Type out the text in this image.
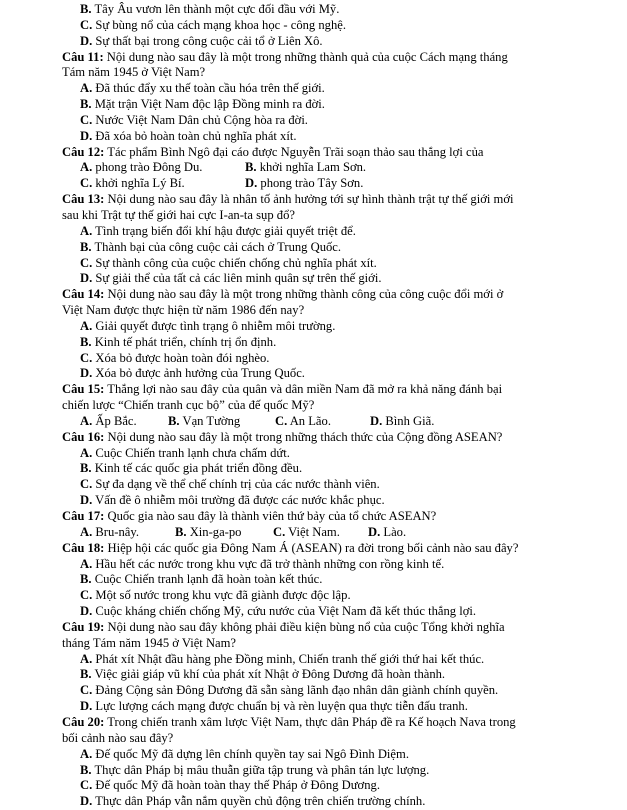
B. Tây Âu vươn lên thành một cực đối đầu với Mỹ.
C. Sự bùng nổ của cách mạng khoa học - công nghệ.
D. Sự thất bại trong công cuộc cải tổ ở Liên Xô.
Câu 11: Nội dung nào sau đây là một trong những thành quả của cuộc Cách mạng tháng
Tám năm 1945 ở Việt Nam?
A. Đã thúc đẩy xu thế toàn cầu hóa trên thế giới.
B. Mặt trận Việt Nam độc lập Đồng minh ra đời.
C. Nước Việt Nam Dân chủ Cộng hòa ra đời.
D. Đã xóa bỏ hoàn toàn chủ nghĩa phát xít.
Câu 12: Tác phẩm Bình Ngô đại cáo được Nguyễn Trãi soạn thảo sau thắng lợi của
A. phong trào Đông Du.	B. khởi nghĩa Lam Sơn.
C. khởi nghĩa Lý Bí.	D. phong trào Tây Sơn.
Câu 13: Nội dung nào sau đây là nhân tố ảnh hưởng tới sự hình thành trật tự thế giới mới
sau khi Trật tự thế giới hai cực I-an-ta sụp đổ?
A. Tình trạng biến đổi khí hậu được giải quyết triệt để.
B. Thành bại của công cuộc cải cách ở Trung Quốc.
C. Sự thành công của cuộc chiến chống chủ nghĩa phát xít.
D. Sự giải thể của tất cả các liên minh quân sự trên thế giới.
Câu 14: Nội dung nào sau đây là một trong những thành công của công cuộc đổi mới ở
Việt Nam được thực hiện từ năm 1986 đến nay?
A. Giải quyết được tình trạng ô nhiễm môi trường.
B. Kinh tế phát triển, chính trị ổn định.
C. Xóa bỏ được hoàn toàn đói nghèo.
D. Xóa bỏ được ảnh hưởng của Trung Quốc.
Câu 15: Thắng lợi nào sau đây của quân và dân miền Nam đã mở ra khả năng đánh bại
chiến lược “Chiến tranh cục bộ” của đế quốc Mỹ?
A. Ấp Bắc.	B. Vạn Tường	C. An Lão.	D. Bình Giã.
Câu 16: Nội dung nào sau đây là một trong những thách thức của Cộng đồng ASEAN?
A. Cuộc Chiến tranh lạnh chưa chấm dứt.
B. Kinh tế các quốc gia phát triển đồng đều.
C. Sự đa dạng về thể chế chính trị của các nước thành viên.
D. Vấn đề ô nhiễm môi trường đã được các nước khắc phục.
Câu 17: Quốc gia nào sau đây là thành viên thứ bảy của tổ chức ASEAN?
A. Bru-nây.	B. Xin-ga-po	C. Việt Nam.	D. Lào.
Câu 18: Hiệp hội các quốc gia Đông Nam Á (ASEAN) ra đời trong bối cảnh nào sau đây?
A. Hầu hết các nước trong khu vực đã trở thành những con rồng kinh tế.
B. Cuộc Chiến tranh lạnh đã hoàn toàn kết thúc.
C. Một số nước trong khu vực đã giành được độc lập.
D. Cuộc kháng chiến chống Mỹ, cứu nước của Việt Nam đã kết thúc thắng lợi.
Câu 19: Nội dung nào sau đây không phải điều kiện bùng nổ của cuộc Tổng khởi nghĩa
tháng Tám năm 1945 ở Việt Nam?
A. Phát xít Nhật đầu hàng phe Đồng minh, Chiến tranh thế giới thứ hai kết thúc.
B. Việc giải giáp vũ khí của phát xít Nhật ở Đông Dương đã hoàn thành.
C. Đảng Cộng sản Đông Dương đã sẵn sàng lãnh đạo nhân dân giành chính quyền.
D. Lực lượng cách mạng được chuẩn bị và rèn luyện qua thực tiễn đấu tranh.
Câu 20: Trong chiến tranh xâm lược Việt Nam, thực dân Pháp đề ra Kế hoạch Nava trong
bối cảnh nào sau đây?
A. Đế quốc Mỹ đã dựng lên chính quyền tay sai Ngô Đình Diệm.
B. Thực dân Pháp bị mâu thuẫn giữa tập trung và phân tán lực lượng.
C. Đế quốc Mỹ đã hoàn toàn thay thế Pháp ở Đông Dương.
D. Thực dân Pháp vẫn nắm quyền chủ động trên chiến trường chính.
